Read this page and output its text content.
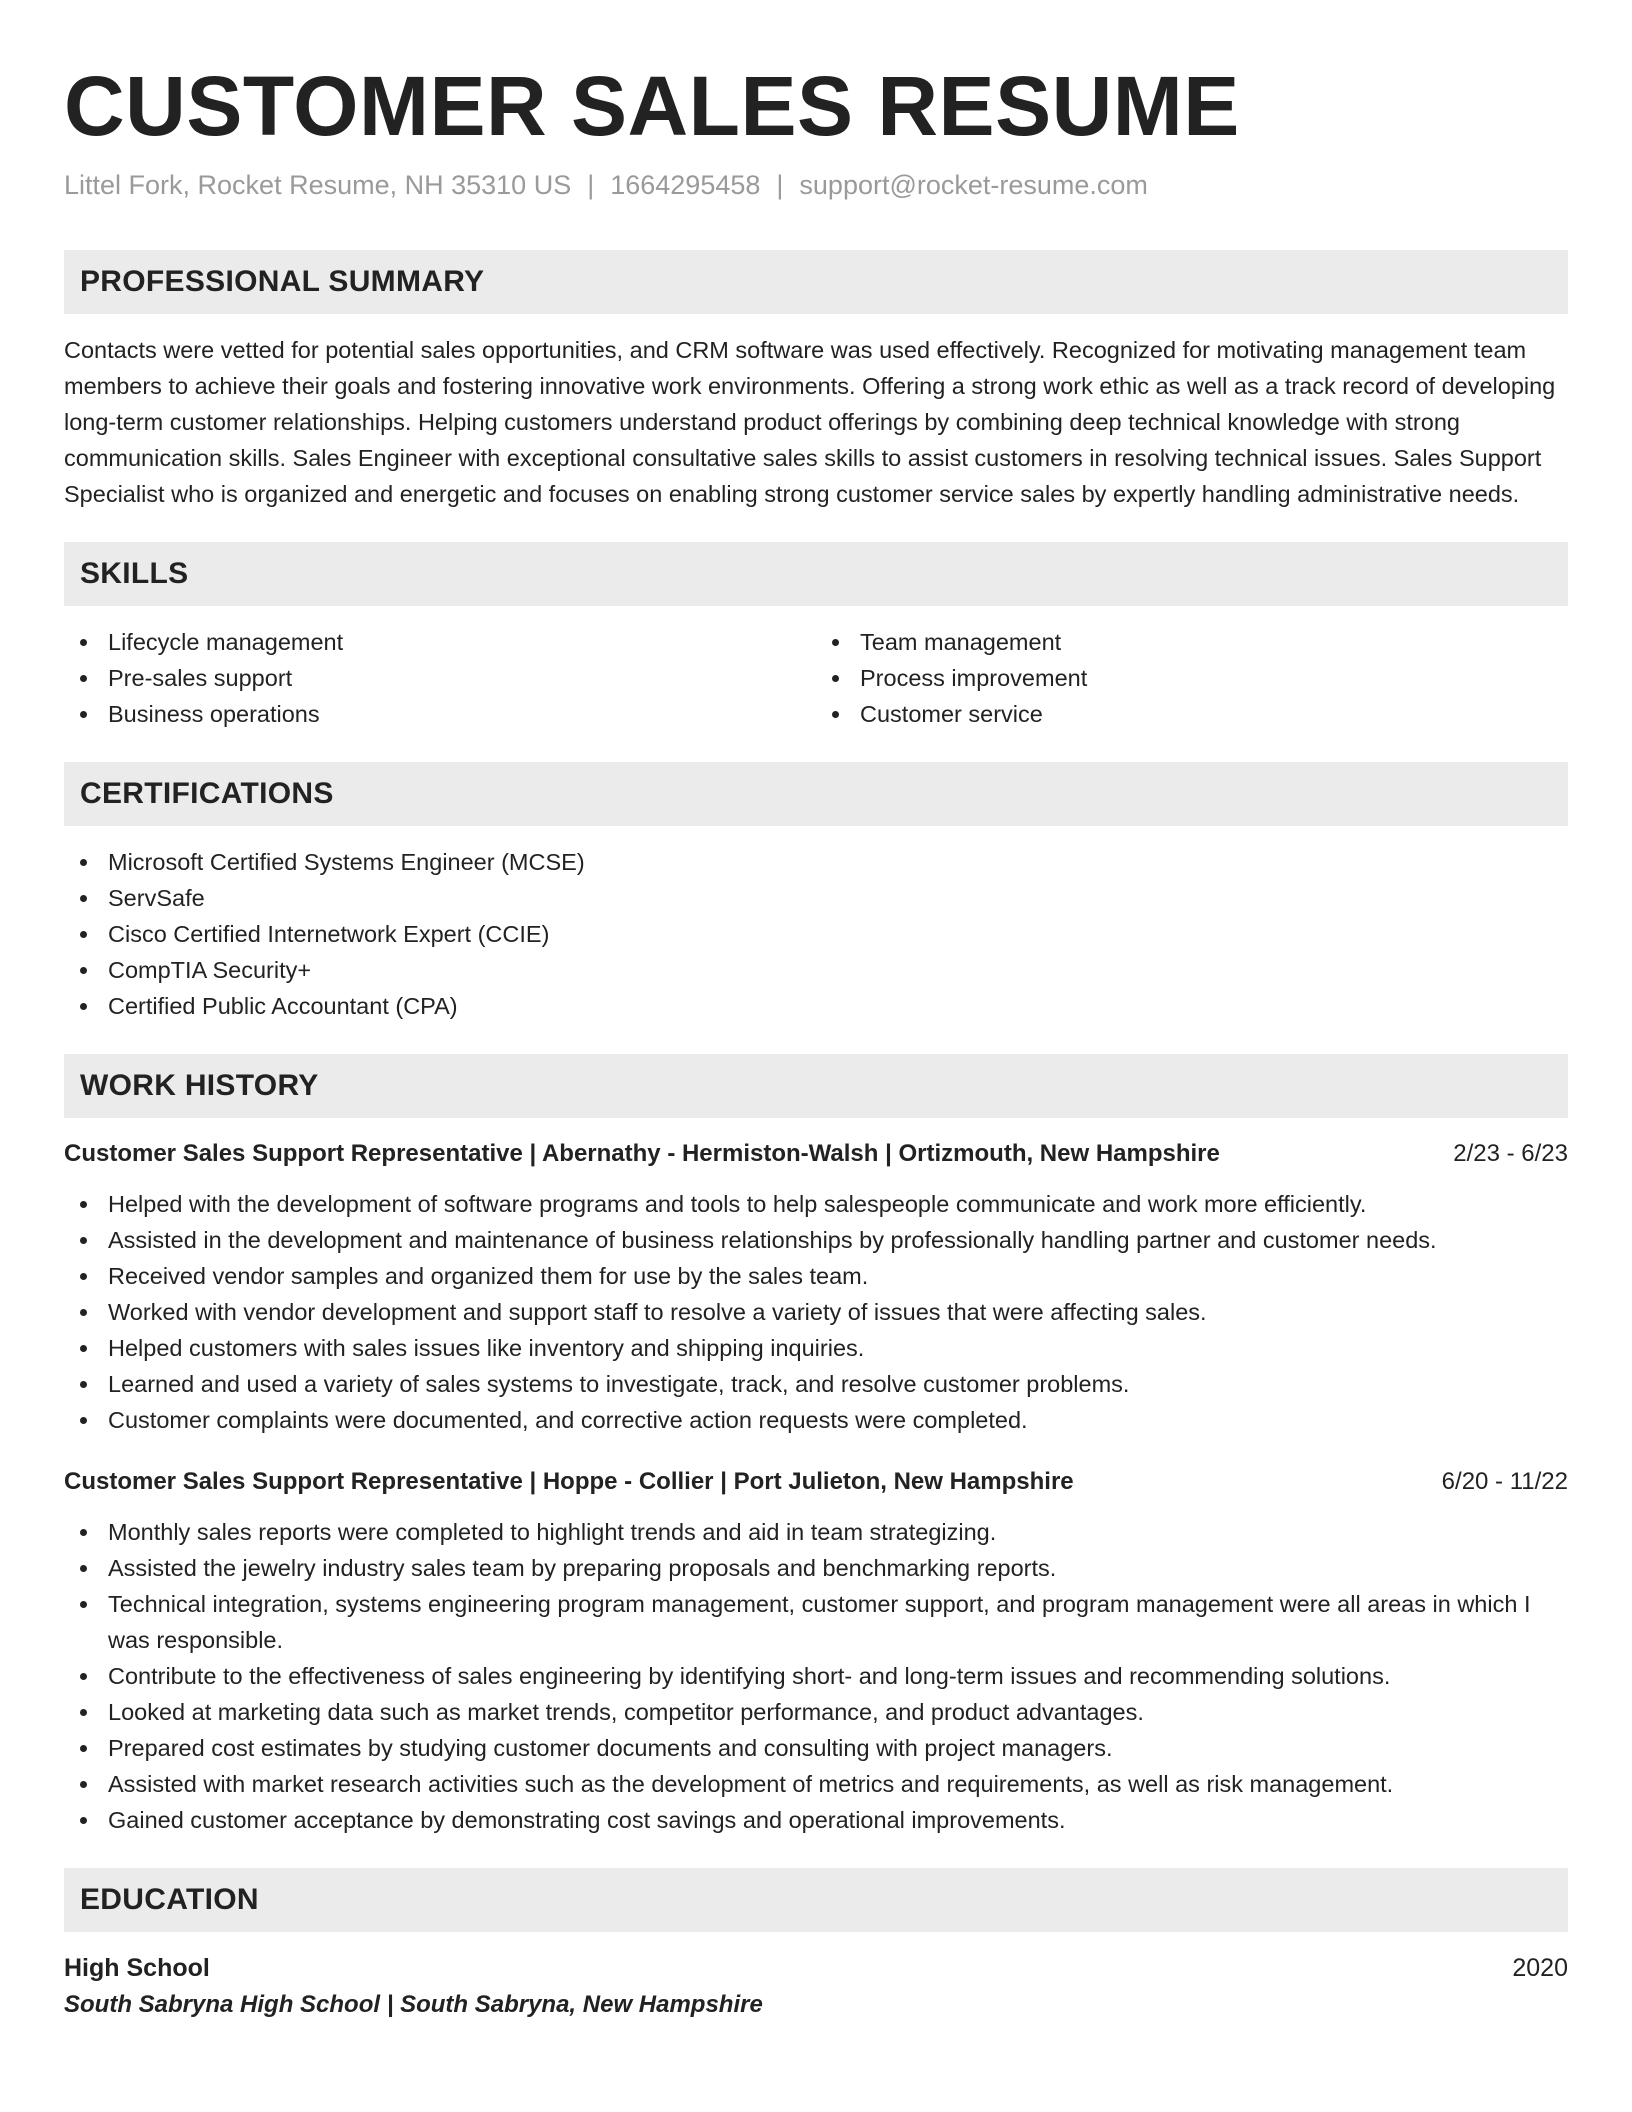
CUSTOMER SALES RESUME
Littel Fork, Rocket Resume, NH 35310 US | 1664295458 | support@rocket-resume.com
PROFESSIONAL SUMMARY

Contacts were vetted for potential sales opportunities, and CRM software was used effectively. Recognized for motivating management team members to achieve their goals and fostering innovative work environments. Offering a strong work ethic as well as a track record of developing long-term customer relationships. Helping customers understand product offerings by combining deep technical knowledge with strong communication skills. Sales Engineer with exceptional consultative sales skills to assist customers in resolving technical issues. Sales Support Specialist who is organized and energetic and focuses on enabling strong customer service sales by expertly handling administrative needs.

SKILLS
Lifecycle management
Pre-sales support
Business operations
Team management
Process improvement
Customer service
CERTIFICATIONS
Microsoft Certified Systems Engineer (MCSE)
ServSafe
Cisco Certified Internetwork Expert (CCIE)
CompTIA Security+
Certified Public Accountant (CPA)
WORK HISTORY
Customer Sales Support Representative | Abernathy - Hermiston-Walsh | Ortizmouth, New Hampshire	2/23 - 6/23
Helped with the development of software programs and tools to help salespeople communicate and work more efficiently.
Assisted in the development and maintenance of business relationships by professionally handling partner and customer needs.
Received vendor samples and organized them for use by the sales team.
Worked with vendor development and support staff to resolve a variety of issues that were affecting sales.
Helped customers with sales issues like inventory and shipping inquiries.
Learned and used a variety of sales systems to investigate, track, and resolve customer problems.
Customer complaints were documented, and corrective action requests were completed.
Customer Sales Support Representative | Hoppe - Collier | Port Julieton, New Hampshire	6/20 - 11/22
Monthly sales reports were completed to highlight trends and aid in team strategizing.
Assisted the jewelry industry sales team by preparing proposals and benchmarking reports.
Technical integration, systems engineering program management, customer support, and program management were all areas in which I was responsible.
Contribute to the effectiveness of sales engineering by identifying short- and long-term issues and recommending solutions.
Looked at marketing data such as market trends, competitor performance, and product advantages.
Prepared cost estimates by studying customer documents and consulting with project managers.
Assisted with market research activities such as the development of metrics and requirements, as well as risk management.
Gained customer acceptance by demonstrating cost savings and operational improvements.
EDUCATION
High School	2020
South Sabryna High School | South Sabryna, New Hampshire
